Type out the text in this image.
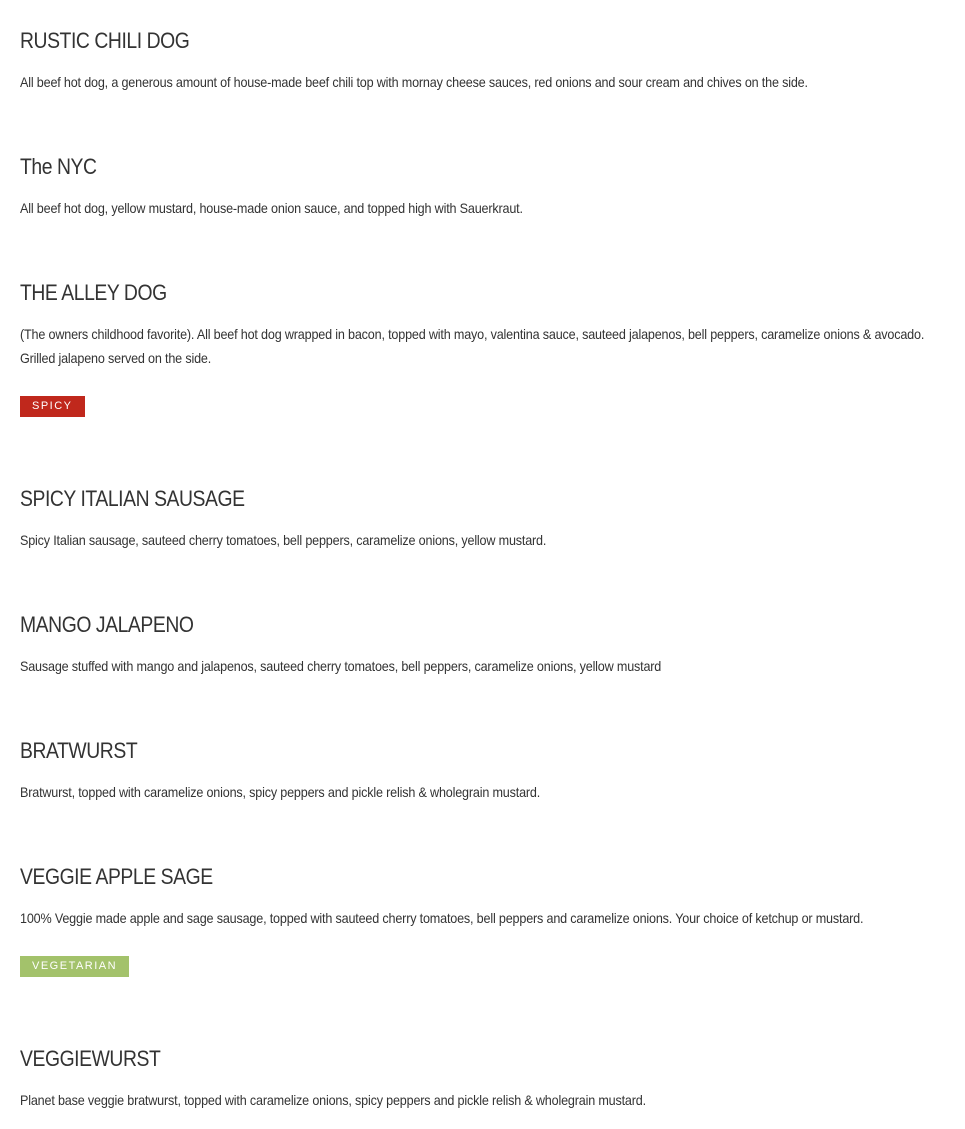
RUSTIC CHILI DOG

All beef hot dog, a generous amount of house-made beef chili top with mornay cheese sauces, red onions and sour cream and chives on the side.

The NYC

All beef hot dog, yellow mustard, house-made onion sauce, and topped high with Sauerkraut.

THE ALLEY DOG

(The owners childhood favorite). All beef hot dog wrapped in bacon, topped with mayo, valentina sauce, sauteed jalapenos, bell peppers, caramelize onions & avocado. Grilled jalapeno served on the side.

SPICY
SPICY ITALIAN SAUSAGE

Spicy Italian sausage, sauteed cherry tomatoes, bell peppers, caramelize onions, yellow mustard.

MANGO JALAPENO

Sausage stuffed with mango and jalapenos, sauteed cherry tomatoes, bell peppers, caramelize onions, yellow mustard

BRATWURST

Bratwurst, topped with caramelize onions, spicy peppers and pickle relish & wholegrain mustard.

VEGGIE APPLE SAGE

100% Veggie made apple and sage sausage, topped with sauteed cherry tomatoes, bell peppers and caramelize onions. Your choice of ketchup or mustard.

VEGETARIAN
VEGGIEWURST

Planet base veggie bratwurst, topped with caramelize onions, spicy peppers and pickle relish & wholegrain mustard.
